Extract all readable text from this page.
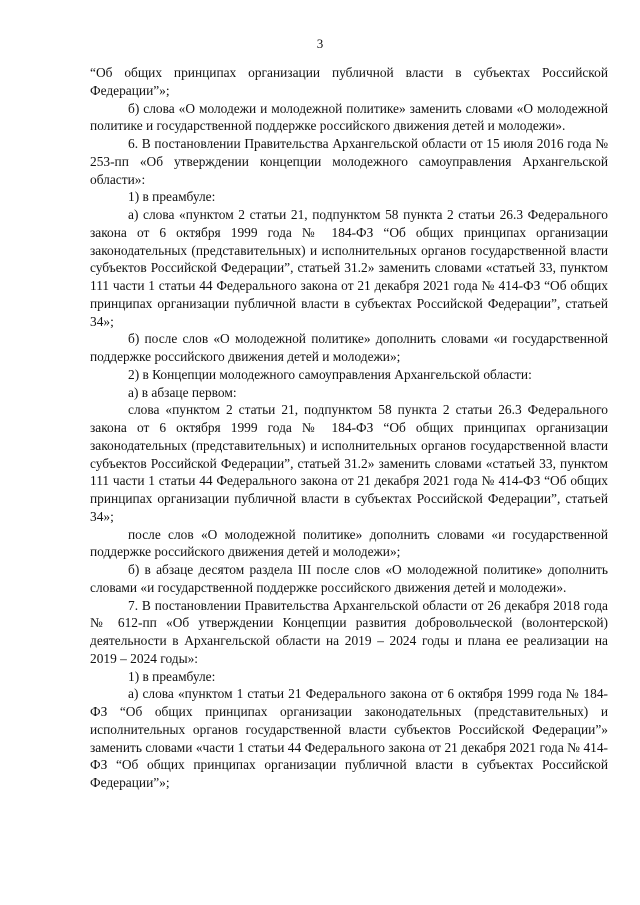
3

“Об общих принципах организации публичной власти в субъектах Российской Федерации”»;

б) слова «О молодежи и молодежной политике» заменить словами «О молодежной политике и государственной поддержке российского движения детей и молодежи».

6. В постановлении Правительства Архангельской области от 15 июля 2016 года № 253-пп «Об утверждении концепции молодежного самоуправления Архангельской области»:

1) в преамбуле:

а) слова «пунктом 2 статьи 21, подпунктом 58 пункта 2 статьи 26.3 Федерального закона от 6 октября 1999 года № 184-ФЗ “Об общих принципах организации законодательных (представительных) и исполнительных органов государственной власти субъектов Российской Федерации”, статьей 31.2» заменить словами «статьей 33, пунктом 111 части 1 статьи 44 Федерального закона от 21 декабря 2021 года № 414-ФЗ “Об общих принципах организации публичной власти в субъектах Российской Федерации”, статьей 34»;

б) после слов «О молодежной политике» дополнить словами «и государственной поддержке российского движения детей и молодежи»;

2) в Концепции молодежного самоуправления Архангельской области:

а) в абзаце первом:

слова «пунктом 2 статьи 21, подпунктом 58 пункта 2 статьи 26.3 Федерального закона от 6 октября 1999 года № 184-ФЗ “Об общих принципах организации законодательных (представительных) и исполнительных органов государственной власти субъектов Российской Федерации”, статьей 31.2» заменить словами «статьей 33, пунктом 111 части 1 статьи 44 Федерального закона от 21 декабря 2021 года № 414-ФЗ “Об общих принципах организации публичной власти в субъектах Российской Федерации”, статьей 34»;

после слов «О молодежной политике» дополнить словами «и государственной поддержке российского движения детей и молодежи»;

б) в абзаце десятом раздела III после слов «О молодежной политике» дополнить словами «и государственной поддержке российского движения детей и молодежи».

7. В постановлении Правительства Архангельской области от 26 декабря 2018 года № 612-пп «Об утверждении Концепции развития добровольческой (волонтерской) деятельности в Архангельской области на 2019 – 2024 годы и плана ее реализации на 2019 – 2024 годы»:

1) в преамбуле:

а) слова «пунктом 1 статьи 21 Федерального закона от 6 октября 1999 года № 184-ФЗ “Об общих принципах организации законодательных (представительных) и исполнительных органов государственной власти субъектов Российской Федерации”» заменить словами «части 1 статьи 44 Федерального закона от 21 декабря 2021 года № 414-ФЗ “Об общих принципах организации публичной власти в субъектах Российской Федерации”»;
